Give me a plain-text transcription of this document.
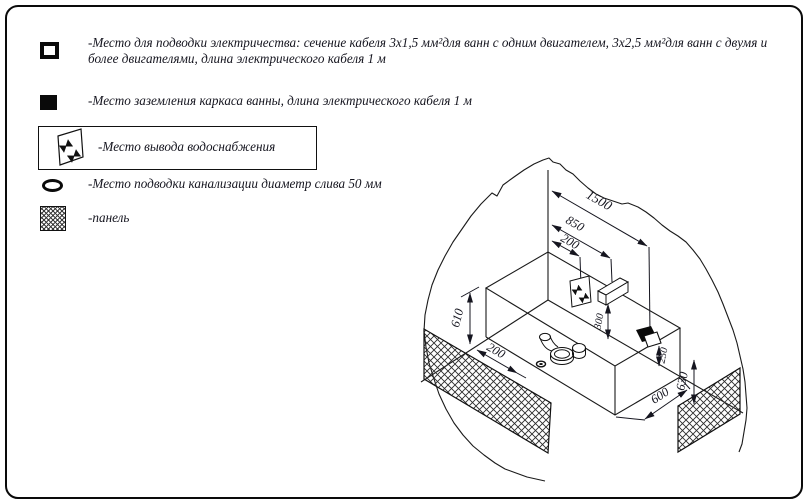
-Место для подводки электричества: сечение кабеля 3х1,5 мм²для ванн с одним двигателем, 3х2,5 мм²для ванн с двумя и
более двигателями, длина электрического кабеля 1 м
-Место заземления каркаса ванны, длина электрического кабеля 1 м
-Место вывода водоснабжения
-Место подводки канализации диаметр слива 50 мм
-панель
1500
850
200
610
200
300
250
630
600
